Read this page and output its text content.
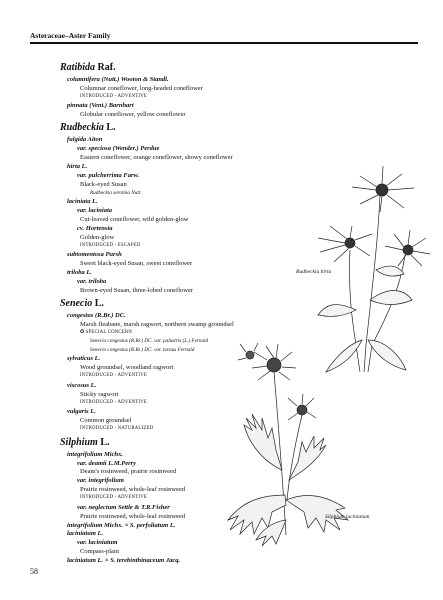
Asteraceae–Aster Family
Ratibida Raf.
columnifera (Nutt.) Wooton & Standl.
Columnar coneflower, long-headed coneflower
INTRODUCED - ADVENTIVE
pinnata (Vent.) Barnhart
Globular coneflower, yellow coneflower
Rudbeckia L.
fulgida Aiton
var. speciosa (Wender.) Perdue
Eastern coneflower, orange coneflower, showy coneflower
hirta L.
var. pulcherrima Farw.
Black-eyed Susan
Rudbeckia serotina Nutt.
laciniata L.
var. laciniata
Cut-leaved coneflower, wild golden-glow
cv. Hortensia
Golden-glow
INTRODUCED - ESCAPED
subtomentosa Pursh
Sweet black-eyed Susan, sweet coneflower
triloba L.
var. triloba
Brown-eyed Susan, three-lobed coneflower
Senecio L.
congestus (R.Br.) DC.
Marsh fleabane, marsh ragwort, northern swamp groundsel
✪ SPECIAL CONCERN
Senecio congestus (R.Br.) DC. var. palustris (L.) Fernald
Senecio congestus (R.Br.) DC. var. tonsus Fernald
sylvaticus L.
Wood groundsel, woodland ragwort
INTRODUCED - ADVENTIVE
viscosus L.
Sticky ragwort
INTRODUCED - ADVENTIVE
vulgaris L.
Common groundsel
INTRODUCED - NATURALIZED
Silphium L.
integrifolium Michx.
var. deamii L.M.Perry
Deam's rosinweed, prairie rosinweed
var. integrifolium
Prairie rosinweed, whole-leaf rosinweed
INTRODUCED - ADVENTIVE
var. neglectum Settle & T.R.Fisher
Prairie rosinweed, whole-leaf rosinweed
integrifolium Michx. × S. perfoliatum L.
laciniatum L.
var. laciniatum
Compass-plant
laciniatum L. × S. terebinthinaceum Jacq.
Rudbeckia hirta
Silphium laciniatum
58
